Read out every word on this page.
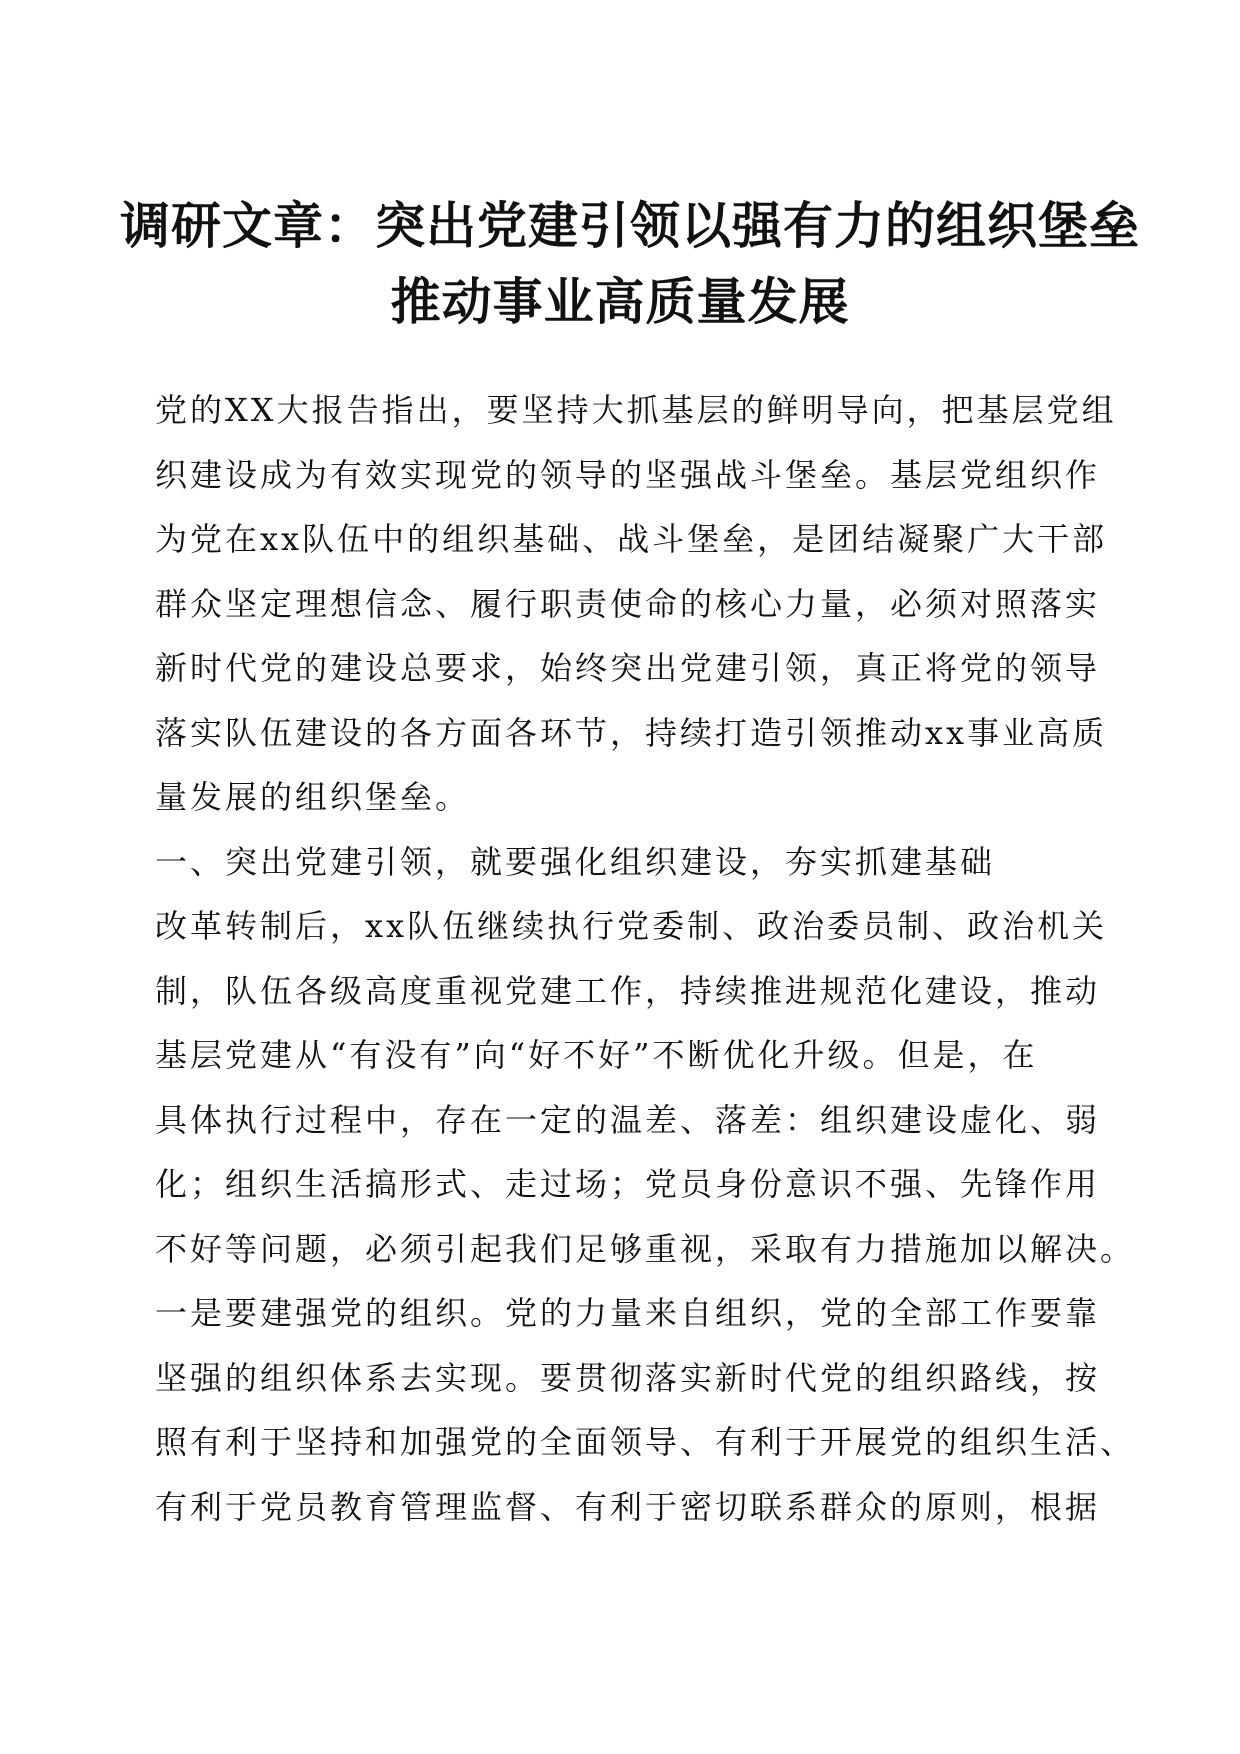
调研文章：突出党建引领以强有力的组织堡垒
推动事业高质量发展
党的XX大报告指出，要坚持大抓基层的鲜明导向，把基层党组
织建设成为有效实现党的领导的坚强战斗堡垒。基层党组织作
为党在xx队伍中的组织基础、战斗堡垒，是团结凝聚广大干部
群众坚定理想信念、履行职责使命的核心力量，必须对照落实
新时代党的建设总要求，始终突出党建引领，真正将党的领导
落实队伍建设的各方面各环节，持续打造引领推动xx事业高质
量发展的组织堡垒。
一、突出党建引领，就要强化组织建设，夯实抓建基础
改革转制后，xx队伍继续执行党委制、政治委员制、政治机关
制，队伍各级高度重视党建工作，持续推进规范化建设，推动
基层党建从“有没有”向“好不好”不断优化升级。但是，在
具体执行过程中，存在一定的温差、落差：组织建设虚化、弱
化；组织生活搞形式、走过场；党员身份意识不强、先锋作用
不好等问题，必须引起我们足够重视，采取有力措施加以解决。
一是要建强党的组织。党的力量来自组织，党的全部工作要靠
坚强的组织体系去实现。要贯彻落实新时代党的组织路线，按
照有利于坚持和加强党的全面领导、有利于开展党的组织生活、
有利于党员教育管理监督、有利于密切联系群众的原则，根据
